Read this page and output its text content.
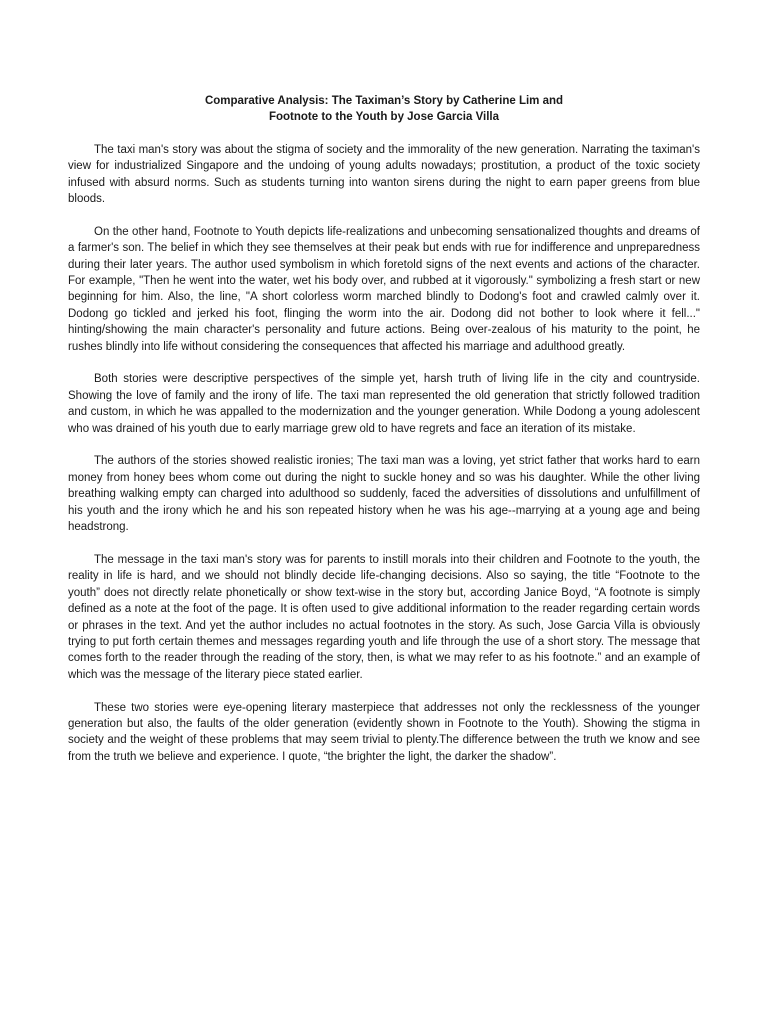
Comparative Analysis: The Taximan’s Story by Catherine Lim and
Footnote to the Youth by Jose Garcia Villa

The taxi man's story was about the stigma of society and the immorality of the new generation. Narrating the taximan's view for industrialized Singapore and the undoing of young adults nowadays; prostitution, a product of the toxic society infused with absurd norms. Such as students turning into wanton sirens during the night to earn paper greens from blue bloods.

On the other hand, Footnote to Youth depicts life-realizations and unbecoming sensationalized thoughts and dreams of a farmer's son. The belief in which they see themselves at their peak but ends with rue for indifference and unpreparedness during their later years. The author used symbolism in which foretold signs of the next events and actions of the character. For example, "Then he went into the water, wet his body over, and rubbed at it vigorously." symbolizing a fresh start or new beginning for him. Also, the line, "A short colorless worm marched blindly to Dodong's foot and crawled calmly over it. Dodong go tickled and jerked his foot, flinging the worm into the air. Dodong did not bother to look where it fell..." hinting/showing the main character's personality and future actions. Being over-zealous of his maturity to the point, he rushes blindly into life without considering the consequences that affected his marriage and adulthood greatly.

Both stories were descriptive perspectives of the simple yet, harsh truth of living life in the city and countryside. Showing the love of family and the irony of life. The taxi man represented the old generation that strictly followed tradition and custom, in which he was appalled to the modernization and the younger generation. While Dodong a young adolescent who was drained of his youth due to early marriage grew old to have regrets and face an iteration of its mistake.

The authors of the stories showed realistic ironies; The taxi man was a loving, yet strict father that works hard to earn money from honey bees whom come out during the night to suckle honey and so was his daughter. While the other living breathing walking empty can charged into adulthood so suddenly, faced the adversities of dissolutions and unfulfillment of his youth and the irony which he and his son repeated history when he was his age--marrying at a young age and being headstrong.

The message in the taxi man's story was for parents to instill morals into their children and Footnote to the youth, the reality in life is hard, and we should not blindly decide life-changing decisions. Also so saying, the title “Footnote to the youth” does not directly relate phonetically or show text-wise in the story but, according Janice Boyd, “A footnote is simply defined as a note at the foot of the page. It is often used to give additional information to the reader regarding certain words or phrases in the text. And yet the author includes no actual footnotes in the story. As such, Jose Garcia Villa is obviously trying to put forth certain themes and messages regarding youth and life through the use of a short story. The message that comes forth to the reader through the reading of the story, then, is what we may refer to as his footnote.” and an example of which was the message of the literary piece stated earlier.

These two stories were eye-opening literary masterpiece that addresses not only the recklessness of the younger generation but also, the faults of the older generation (evidently shown in Footnote to the Youth). Showing the stigma in society and the weight of these problems that may seem trivial to plenty.The difference between the truth we know and see from the truth we believe and experience. I quote, “the brighter the light, the darker the shadow”.
